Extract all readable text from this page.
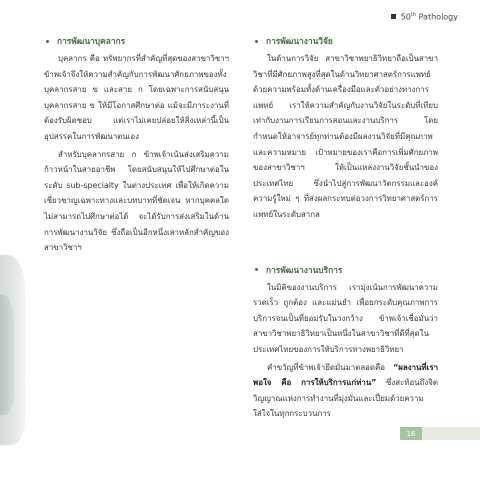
50th Pathology
การพัฒนาบุคลากร

บุคลากร คือ ทรัพยากรที่สำคัญที่สุดของสาขาวิชาฯ ข้าพเจ้าจึงให้ความสำคัญกับการพัฒนาศักยภาพของทั้งบุคลากรสาย ข และสาย ก โดยเฉพาะการสนับสนุนบุคลากรสาย ข ให้มีโอกาสศึกษาต่อ แม้จะมีภาระงานที่ต้องรับผิดชอบ แต่เราไม่เคยปล่อยให้สิ่งเหล่านี้เป็นอุปสรรคในการพัฒนาตนเอง

สำหรับบุคลากรสาย ก ข้าพเจ้าเน้นส่งเสริมความก้าวหน้าในสายอาชีพ โดยสนับสนุนให้ไปศึกษาต่อในระดับ sub-specialty ในต่างประเทศ เพื่อให้เกิดความเชี่ยวชาญเฉพาะทางและบทบาทที่ชัดเจน หากบุคคลใดไม่สามารถไปศึกษาต่อได้ จะได้รับการส่งเสริมในด้านการพัฒนางานวิจัย ซึ่งถือเป็นอีกหนึ่งเสาหลักสำคัญของสาขาวิชาฯ

การพัฒนางานวิจัย

ในด้านการวิจัย สาขาวิชาพยาธิวิทยาถือเป็นสาขาวิชาที่มีศักยภาพสูงที่สุดในด้านวิทยาศาสตร์การแพทย์ ด้วยความพร้อมทั้งด้านเครื่องมือและตัวอย่างทางการแพทย์ เราให้ความสำคัญกับงานวิจัยในระดับที่เทียบเท่ากับงานการเรียนการสอนและงานบริการ โดยกำหนดให้อาจารย์ทุกท่านต้องมีผลงานวิจัยที่มีคุณภาพและความหมาย เป้าหมายของเราคือการเพิ่มศักยภาพของสาขาวิชาฯ ให้เป็นแหล่งงานวิจัยชั้นนำของประเทศไทย ซึ่งนำไปสู่การพัฒนาวัตกรรมและองค์ความรู้ใหม่ ๆ ที่ส่งผลกระทบต่อวงการวิทยาศาสตร์การแพทย์ในระดับสากล

การพัฒนางานบริการ

ในมิติของงานบริการ เรามุ่งเน้นการพัฒนาความรวดเร็ว ถูกต้อง และแม่นยำ เพื่อยกระดับคุณภาพการบริการจนเป็นที่ยอมรับในวงกว้าง ข้าพเจ้าเชื่อมั่นว่าสาขาวิชาพยาธิวิทยาเป็นหนึ่งในสาขาวิชาที่ดีที่สุดในประเทศไทยของการให้บริการทางพยาธิวิทยา

คำขวัญที่ข้าพเจ้ายึดมั่นมาตลอดคือ “ผลงานที่เราพอใจ คือ การให้บริการแก่ท่าน” ซึ่งสะท้อนถึงจิตวิญญาณแห่งการทำงานที่มุ่งมั่นและเปี่ยมด้วยความใส่ใจในทุกกระบวนการ

16
